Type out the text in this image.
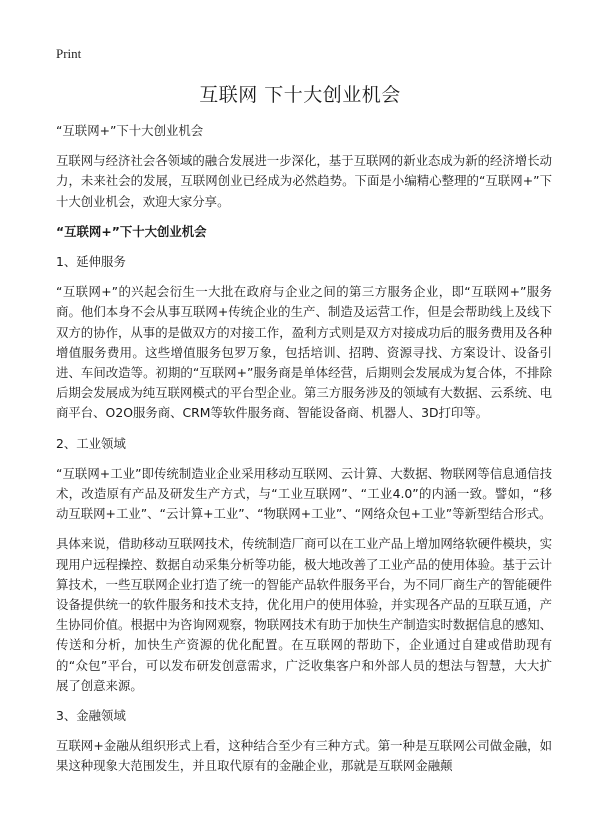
Print
互联网 下十大创业机会

“互联网+”下十大创业机会

互联网与经济社会各领域的融合发展进一步深化，基于互联网的新业态成为新的经济增长动力，未来社会的发展，互联网创业已经成为必然趋势。下面是小编精心整理的“互联网+”下十大创业机会，欢迎大家分享。

“互联网+”下十大创业机会

1、延伸服务

“互联网+”的兴起会衍生一大批在政府与企业之间的第三方服务企业，即“互联网+”服务商。他们本身不会从事互联网+传统企业的生产、制造及运营工作，但是会帮助线上及线下双方的协作，从事的是做双方的对接工作，盈利方式则是双方对接成功后的服务费用及各种增值服务费用。这些增值服务包罗万象，包括培训、招聘、资源寻找、方案设计、设备引进、车间改造等。初期的“互联网+”服务商是单体经营，后期则会发展成为复合体，不排除后期会发展成为纯互联网模式的平台型企业。第三方服务涉及的领域有大数据、云系统、电商平台、O2O服务商、CRM等软件服务商、智能设备商、机器人、3D打印等。

2、工业领域

“互联网+工业”即传统制造业企业采用移动互联网、云计算、大数据、物联网等信息通信技术，改造原有产品及研发生产方式，与“工业互联网”、“工业4.0”的内涵一致。譬如，“移动互联网+工业”、“云计算+工业”、“物联网+工业”、“网络众包+工业”等新型结合形式。

具体来说，借助移动互联网技术，传统制造厂商可以在工业产品上增加网络软硬件模块，实现用户远程操控、数据自动采集分析等功能，极大地改善了工业产品的使用体验。基于云计算技术，一些互联网企业打造了统一的智能产品软件服务平台，为不同厂商生产的智能硬件设备提供统一的软件服务和技术支持，优化用户的使用体验，并实现各产品的互联互通，产生协同价值。根据中为咨询网观察，物联网技术有助于加快生产制造实时数据信息的感知、传送和分析，加快生产资源的优化配置。在互联网的帮助下，企业通过自建或借助现有的“众包”平台，可以发布研发创意需求，广泛收集客户和外部人员的想法与智慧，大大扩展了创意来源。

3、金融领域

互联网+金融从组织形式上看，这种结合至少有三种方式。第一种是互联网公司做金融，如果这种现象大范围发生，并且取代原有的金融企业，那就是互联网金融颠
